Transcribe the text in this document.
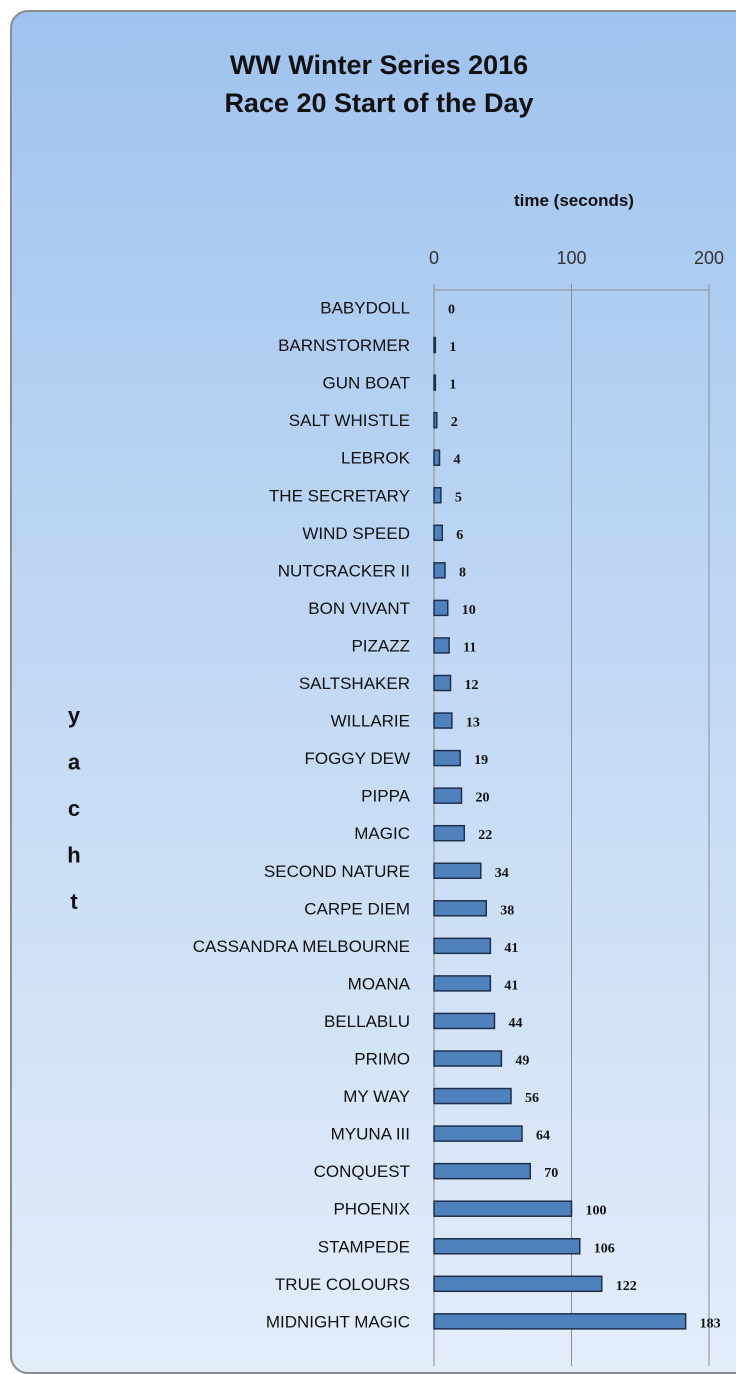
WW Winter Series 2016
Race 20 Start of the Day
time (seconds)
y
a
c
h
t
0	100	200
BABYDOLL
BARNSTORMER
GUN BOAT
SALT WHISTLE
LEBROK
THE SECRETARY
WIND SPEED
NUTCRACKER II
BON VIVANT
PIZAZZ
SALTSHAKER
WILLARIE
FOGGY DEW
PIPPA
MAGIC
SECOND NATURE
CARPE DIEM
CASSANDRA MELBOURNE
MOANA
BELLABLU
PRIMO
MY WAY
MYUNA III
CONQUEST
PHOENIX
STAMPEDE
TRUE COLOURS
MIDNIGHT MAGIC
0
1
1
2
4
5
6
8
10
11
12
13
19
20
22
34
38
41
41
44
49
56
64
70
100
106
122
183
